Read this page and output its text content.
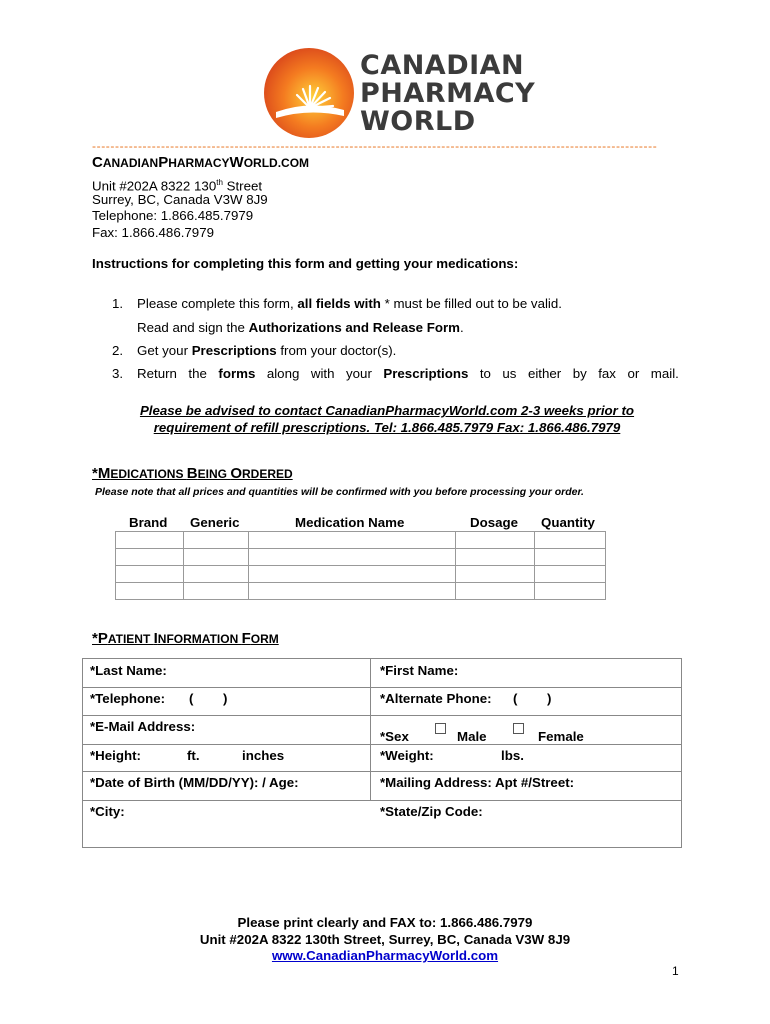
CANADIAN
PHARMACY
WORLD
---------------------------------------------------------------------------------------------------------------------------
CANADIANPHARMACYWORLD.COM
Unit #202A 8322 130th Street
Surrey, BC, Canada V3W 8J9
Telephone: 1.866.485.7979
Fax: 1.866.486.7979
Instructions for completing this form and getting your medications:
1. Please complete this form, all fields with * must be filled out to be valid.
Read and sign the Authorizations and Release Form.
2. Get your Prescriptions from your doctor(s).
3. Return the forms along with your Prescriptions to us either by fax or mail.
Please be advised to contact CanadianPharmacyWorld.com 2-3 weeks prior to
requirement of refill prescriptions. Tel: 1.866.485.7979 Fax: 1.866.486.7979
*MEDICATIONS BEING ORDERED
Please note that all prices and quantities will be confirmed with you before processing your order.
Brand Generic	Medication Name	Dosage Quantity

*PATIENT INFORMATION FORM
*Last Name:	*First Name:
*Telephone: (        )	*Alternate Phone: (        )
*E-Mail Address:
*Sex	Male	Female
*Height:	ft.	inches	*Weight:	lbs.
*Date of Birth (MM/DD/YY): / Age:	*Mailing Address: Apt #/Street:
*City:	*State/Zip Code:
Please print clearly and FAX to: 1.866.486.7979
Unit #202A 8322 130th Street, Surrey, BC, Canada V3W 8J9
www.CanadianPharmacyWorld.com
1
